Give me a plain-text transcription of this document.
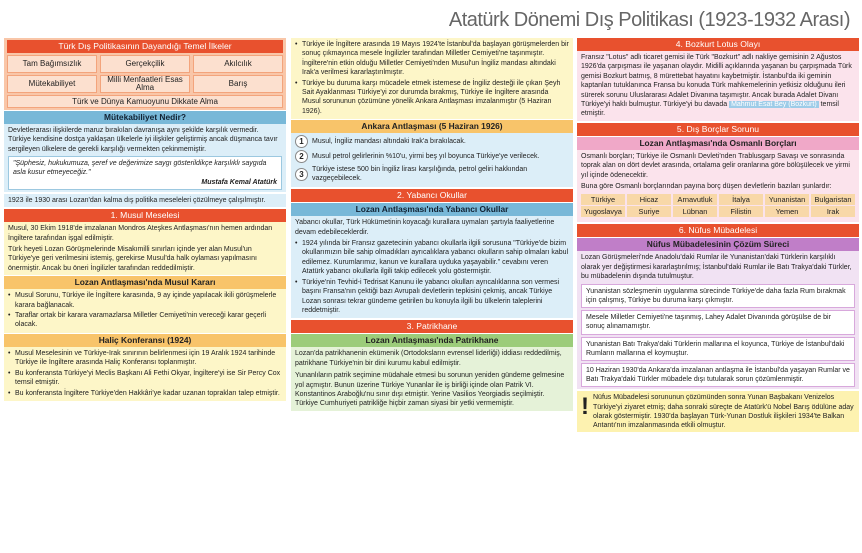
Atatürk Dönemi Dış Politikası (1923-1932 Arası)
Türk Dış Politikasının Dayandığı Temel İlkeler
Tam Bağımsızlık	Gerçekçilik	Akılcılık
Mütekabiliyet	Milli Menfaatleri Esas Alma	Barış
Türk ve Dünya Kamuoyunu Dikkate Alma
Mütekabiliyet Nedir?
Devletlerarası ilişkilerde maruz bırakılan davranışa aynı şekilde karşılık vermedir. Türkiye kendisine dostça yaklaşan ülkelerle iyi ilişkiler geliştirmiş ancak düşmanca tavır sergileyen ülkelere de gerekli karşılığı vermekten çekinmemiştir.
"Şüphesiz, hukukumuza, şeref ve değerimize saygı gösterildikçe karşılıklı saygıda asla kusur etmeyeceğiz."
Mustafa Kemal Atatürk
1923 ile 1930 arası Lozan'dan kalma dış politika meseleleri çözülmeye çalışılmıştır.
1. Musul Meselesi
Musul, 30 Ekim 1918'de imzalanan Mondros Ateşkes Antlaşması'nın hemen ardından İngiltere tarafından işgal edilmiştir.
Türk heyeti Lozan Görüşmelerinde Misakımilli sınırları içinde yer alan Musul'un Türkiye'ye geri verilmesini istemiş, gerekirse Musul'da halk oylaması yapılmasını önermiştir. Ancak bu öneri İngilizler tarafından reddedilmiştir.
Lozan Antlaşması'nda Musul Kararı
• Musul Sorunu, Türkiye ile İngiltere karasında, 9 ay içinde yapılacak ikili görüşmelerle karara bağlanacak.
• Taraflar ortak bir karara varamazlarsa Milletler Cemiyeti'nin vereceği karar geçerli olacak.
Haliç Konferansı (1924)
• Musul Meselesinin ve Türkiye-Irak sınırının belirlenmesi için 19 Aralık 1924 tarihinde Türkiye ile İngiltere arasında Haliç Konferansı toplanmıştır.
• Bu konferansta Türkiye'yi Meclis Başkanı Ali Fethi Okyar, İngiltere'yi ise Sir Percy Cox temsil etmiştir.
• Bu konferansta İngiltere Türkiye'den Hakkâri'ye kadar uzanan toprakları talep etmiştir.
• Türkiye ile İngiltere arasında 19 Mayıs 1924'te İstanbul'da başlayan görüşmelerden bir sonuç çıkmayınca mesele İngilizler tarafından Milletler Cemiyeti'ne taşınmıştır. İngiltere'nin etkin olduğu Milletler Cemiyeti'nden Musul'un İngiliz mandası altındaki Irak'a verilmesi kararlaştırılmıştır.
• Türkiye bu duruma karşı mücadele etmek istemese de İngiliz desteği ile çıkan Şeyh Sait Ayaklanması Türkiye'yi zor durumda bırakmış, Türkiye ile İngiltere arasında Musul sorununun çözümüne yönelik Ankara Antlaşması imzalanmıştır (5 Haziran 1926).
Ankara Antlaşması (5 Haziran 1926)
1	Musul, İngiliz mandası altındaki Irak'a bırakılacak.
2	Musul petrol gelirlerinin %10'u, yirmi beş yıl boyunca Türkiye'ye verilecek.
3	Türkiye istese 500 bin İngiliz lirası karşılığında, petrol geliri hakkından vazgeçebilecek.
2. Yabancı Okullar
Lozan Antlaşması'nda Yabancı Okullar
Yabancı okullar, Türk Hükümetinin koyacağı kurallara uymaları şartıyla faaliyetlerine devam edebileceklerdir.
• 1924 yılında bir Fransız gazetecinin yabancı okullarla ilgili sorusuna "Türkiye'de bizim okullarımızın bile sahip olmadıkları ayrıcalıklara yabancı okulların sahip olmaları kabul edilemez. Kurumlarımız, kanun ve kurallara uyduka yaşayabilir." cevabını veren Atatürk yabancı okullarla ilgili takip edilecek yolu göstermiştir.
• Türkiye'nin Tevhid-i Tedrisat Kanunu ile yabancı okulları ayrıcalıklarına son vermesi başını Fransa'nın çektiği bazı Avrupalı devletlerin tepkisini çekmiş, ancak Türkiye Lozan sonrası tekrar gündeme getirilen bu konuyla ilgili bu ülkelerin taleplerini reddetmiştir.
3. Patrikhane
Lozan Antlaşması'nda Patrikhane
Lozan'da patrikhanenin ekümenik (Ortodoksların evrensel liderliği) iddiası reddedilmiş, patrikhane Türkiye'nin bir dini kurumu kabul edilmiştir.
Yunanlıların patrik seçimine müdahale etmesi bu sorunun yeniden gündeme gelmesine yol açmıştır. Bunun üzerine Türkiye Yunanlar ile iş birliği içinde olan Patrik VI. Konstantinos Araboğlu'nu sınır dışı etmiştir. Yerine Vasilios Yeorgiadis seçilmiştir. Türkiye Cumhuriyeti patrikliğe hiçbir zaman siyasi bir yetki vermemiştir.
4. Bozkurt Lotus Olayı
Fransız "Lotus" adlı ticaret gemisi ile Türk "Bozkurt" adlı nakliye gemisinin 2 Ağustos 1926'da çarpışması ile yaşanan olaydır. Midilli açıklarında yaşanan bu çarpışmada Türk gemisi Bozkurt batmış, 8 mürettebat hayatını kaybetmiştir. İstanbul'da iki geminin kaptanları tutuklanınca Fransa bu konuda Türk mahkemelerinin yetkisiz olduğunu ileri sürerek sorunu Uluslararası Adalet Divanına taşımıştır. Ancak burada Adalet Divanı Türkiye'yi haklı bulmuştur. Türkiye'yi bu davada Mahmut Esat Bey (Bozkurt) temsil etmiştir.
5. Dış Borçlar Sorunu
Lozan Antlaşması'nda Osmanlı Borçları
Osmanlı borçları; Türkiye ile Osmanlı Devleti'nden Trablusgarp Savaşı ve sonrasında toprak alan on dört devlet arasında, ortalama gelir oranlarına göre bölüşülecek ve yirmi yıl içinde ödenecektir.
Buna göre Osmanlı borçlarından payına borç düşen devletlerin bazıları şunlardır:
Türkiye	Hicaz	Arnavutluk	İtalya	Yunanistan	Bulgaristan
Yugoslavya	Suriye	Lübnan	Filistin	Yemen	Irak
6. Nüfus Mübadelesi
Nüfus Mübadelesinin Çözüm Süreci
Lozan Görüşmeleri'nde Anadolu'daki Rumlar ile Yunanistan'daki Türklerin karşılıklı olarak yer değiştirmesi kararlaştırılmış; İstanbul'daki Rumlar ile Batı Trakya'daki Türkler, bu mübadelenin dışında tutulmuştur.
Yunanistan sözleşmenin uygulanma sürecinde Türkiye'de daha fazla Rum bırakmak için çalışmış, Türkiye bu duruma karşı çıkmıştır.
Mesele Milletler Cemiyeti'ne taşınmış, Lahey Adalet Divanında görüşülse de bir sonuç alınamamıştır.
Yunanistan Batı Trakya'daki Türklerin mallarına el koyunca, Türkiye de İstanbul'daki Rumların mallarına el koymuştur.
10 Haziran 1930'da Ankara'da imzalanan antlaşma ile İstanbul'da yaşayan Rumlar ve Batı Trakya'daki Türkler mübadele dışı tutularak sorun çözümlenmiştir.
! Nüfus Mübadelesi sorununun çözümünden sonra Yunan Başbakanı Venizelos Türkiye'yi ziyaret etmiş; daha sonraki süreçte de Atatürk'ü Nobel Barış ödülüne aday olarak göstermiştir. 1930'da başlayan Türk-Yunan Dostluk ilişkileri 1934'te Balkan Antantı'nın imzalanmasında etkili olmuştur.
